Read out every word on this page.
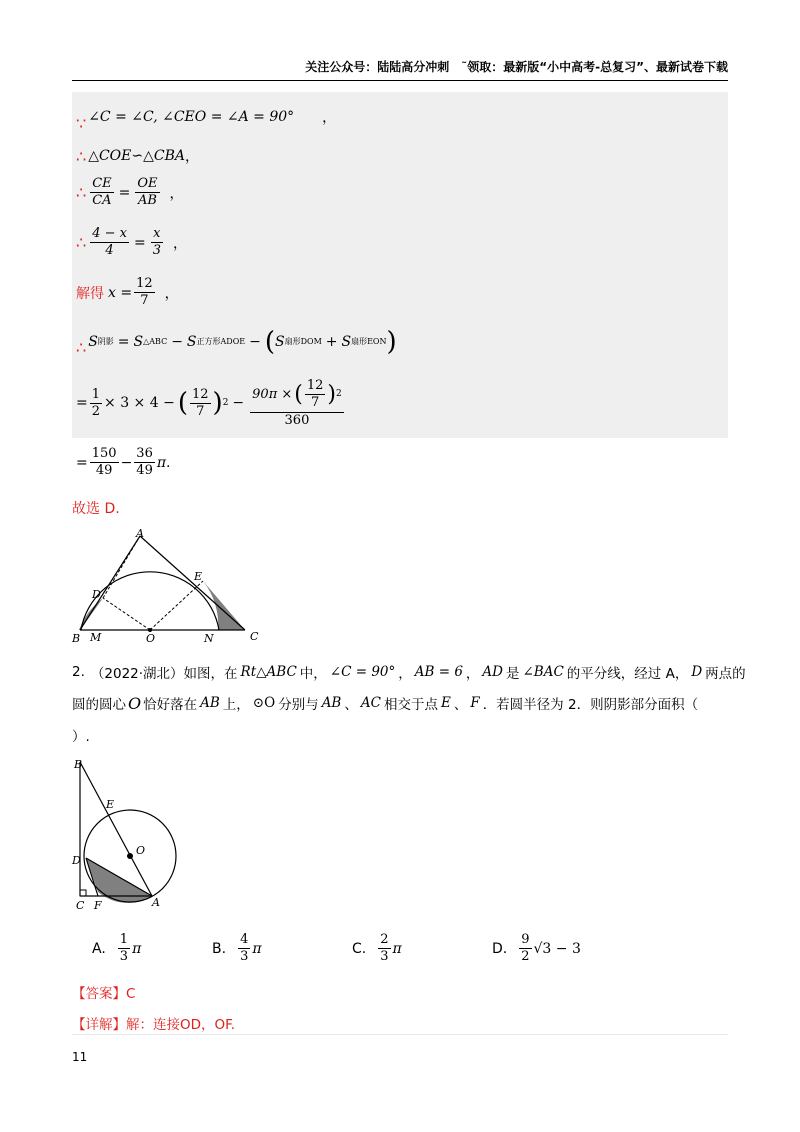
关注公众号：陆陆高分冲刺　˜领取：最新版“小中高考-总复习”、最新试卷下载
∵ ∠C = ∠C, ∠CEO = ∠A = 90° ，
∴ △COE∽△CBA ，
∴ $\frac{CE}{CA} = \frac{OE}{AB}$ ，
∴ $\frac{4 - x}{4} = \frac{x}{3}$ ，
解得 $x = \frac{12}{7}$ ，
∴ S 阴影 = S △ABC − S 正方形ADOE − ( S 扇形DOM + S 扇形EON )
= $\frac{1}{2} \times 3 \times 4$ − ( $\frac{12}{7}$ ) $2 - \frac{90\pi \times ( \frac{12}{7} ) 2}{360}$
= $\frac{150}{49} - \frac{36}{49}$ π .
故选 D.
A
E
D
B M	O	N	C
2. （2022·湖北）如图，在 Rt△ABC 中， ∠C = 90° ， AB = 6 ， AD 是 ∠BAC 的平分线，经过 A， D 两点的
圆的圆心 O 恰好落在 AB 上， ⊙O 分别与 AB 、 AC 相交于点 E 、 F ．若圆半径为 2．则阴影部分面积（
）.
B
E
O
D
C F	A
A. $\frac{1}{3}$ π	B. $\frac{4}{3}$ π	C. $\frac{2}{3}$ π	D. $\frac{9}{2} √3 - 3$
【答案】C
【详解】解：连接OD，OF.
11
